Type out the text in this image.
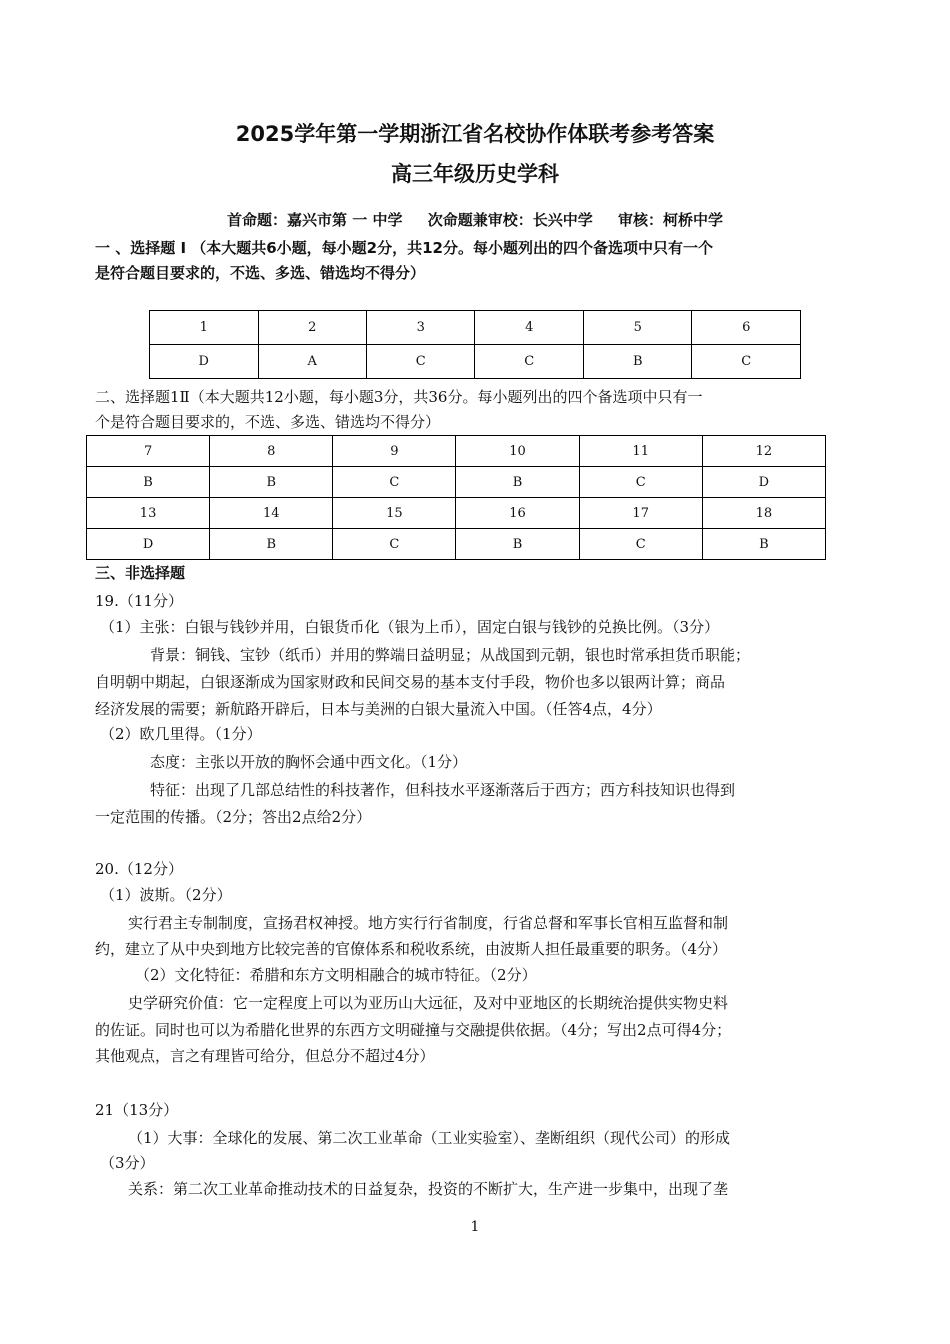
2025学年第一学期浙江省名校协作体联考参考答案
高三年级历史学科
首命题：嘉兴市第 一 中学 次命题兼审校：长兴中学 审核：柯桥中学
一 、选择题 Ⅰ （本大题共6小题，每小题2分，共12分。每小题列出的四个备选项中只有一个
是符合题目要求的，不选、多选、错选均不得分）
1	2	3	4	5	6
D	A	C	C	B	C
二、选择题1Ⅱ（本大题共12小题，每小题3分，共36分。每小题列出的四个备选项中只有一
个是符合题目要求的，不选、多选、错选均不得分）
7	8	9	10	11	12
B	B	C	B	C	D
13	14	15	16	17	18
D	B	C	B	C	B
三、非选择题
19.（11分）
（1）主张：白银与钱钞并用，白银货币化（银为上币），固定白银与钱钞的兑换比例。（3分）
背景：铜钱、宝钞（纸币）并用的弊端日益明显；从战国到元朝，银也时常承担货币职能；
自明朝中期起，白银逐渐成为国家财政和民间交易的基本支付手段，物价也多以银两计算；商品
经济发展的需要；新航路开辟后，日本与美洲的白银大量流入中国。（任答4点，4分）
（2）欧几里得。（1分）
态度：主张以开放的胸怀会通中西文化。（1分）
特征：出现了几部总结性的科技著作，但科技水平逐渐落后于西方；西方科技知识也得到
一定范围的传播。（2分；答出2点给2分）
20.（12分）
（1）波斯。（2分）
实行君主专制制度，宣扬君权神授。地方实行行省制度，行省总督和军事长官相互监督和制
约，建立了从中央到地方比较完善的官僚体系和税收系统，由波斯人担任最重要的职务。（4分）
（2）文化特征：希腊和东方文明相融合的城市特征。（2分）
史学研究价值：它一定程度上可以为亚历山大远征，及对中亚地区的长期统治提供实物史料
的佐证。同时也可以为希腊化世界的东西方文明碰撞与交融提供依据。（4分；写出2点可得4分；
其他观点，言之有理皆可给分，但总分不超过4分）
21（13分）
（1）大事：全球化的发展、第二次工业革命（工业实验室）、垄断组织（现代公司）的形成
（3分）
关系：第二次工业革命推动技术的日益复杂，投资的不断扩大，生产进一步集中，出现了垄
1
